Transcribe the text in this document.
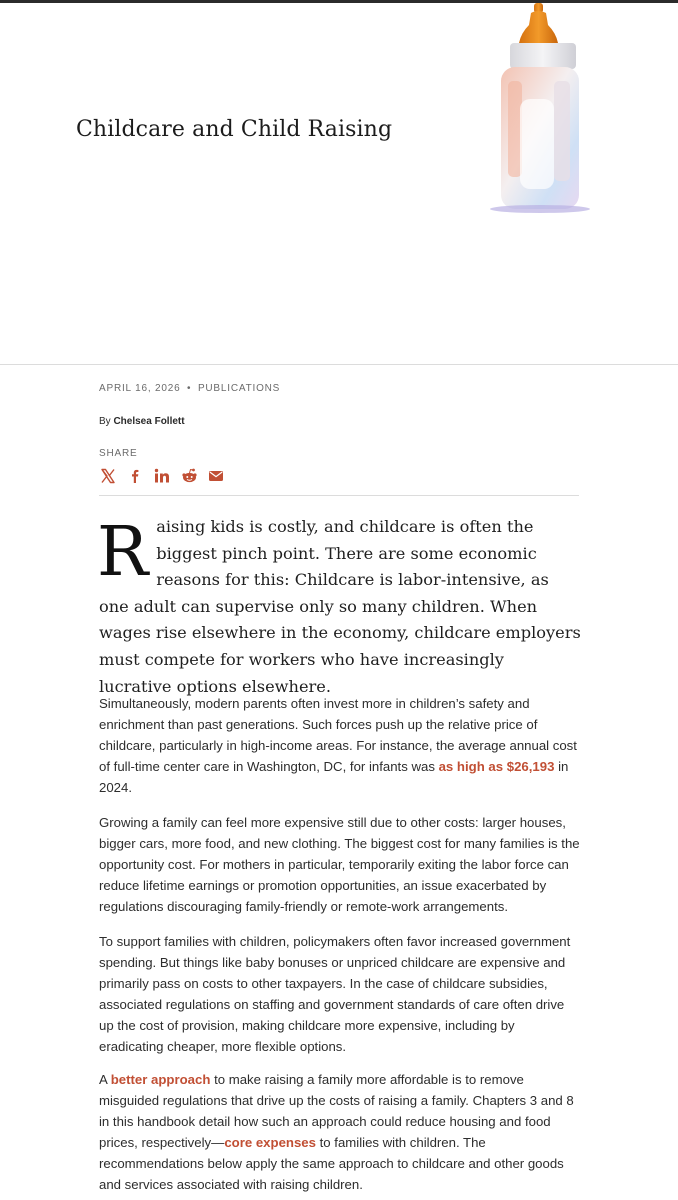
Childcare and Child Raising
APRIL 16, 2026 • PUBLICATIONS
By Chelsea Follett
SHARE

Raising kids is costly, and childcare is often the biggest pinch point. There are some economic reasons for this: Childcare is labor-intensive, as one adult can supervise only so many children. When wages rise elsewhere in the economy, childcare employers must compete for workers who have increasingly lucrative options elsewhere.

Simultaneously, modern parents often invest more in children’s safety and enrichment than past generations. Such forces push up the relative price of childcare, particularly in high-income areas. For instance, the average annual cost of full-time center care in Washington, DC, for infants was as high as $26,193 in 2024.

Growing a family can feel more expensive still due to other costs: larger houses, bigger cars, more food, and new clothing. The biggest cost for many families is the opportunity cost. For mothers in particular, temporarily exiting the labor force can reduce lifetime earnings or promotion opportunities, an issue exacerbated by regulations discouraging family-friendly or remote-work arrangements.

To support families with children, policymakers often favor increased government spending. But things like baby bonuses or unpriced childcare are expensive and primarily pass on costs to other taxpayers. In the case of childcare subsidies, associated regulations on staffing and government standards of care often drive up the cost of provision, making childcare more expensive, including by eradicating cheaper, more flexible options.

A better approach to make raising a family more affordable is to remove misguided regulations that drive up the costs of raising a family. Chapters 3 and 8 in this handbook detail how such an approach could reduce housing and food prices, respectively—core expenses to families with children. The recommendations below apply the same approach to childcare and other goods and services associated with raising children.
